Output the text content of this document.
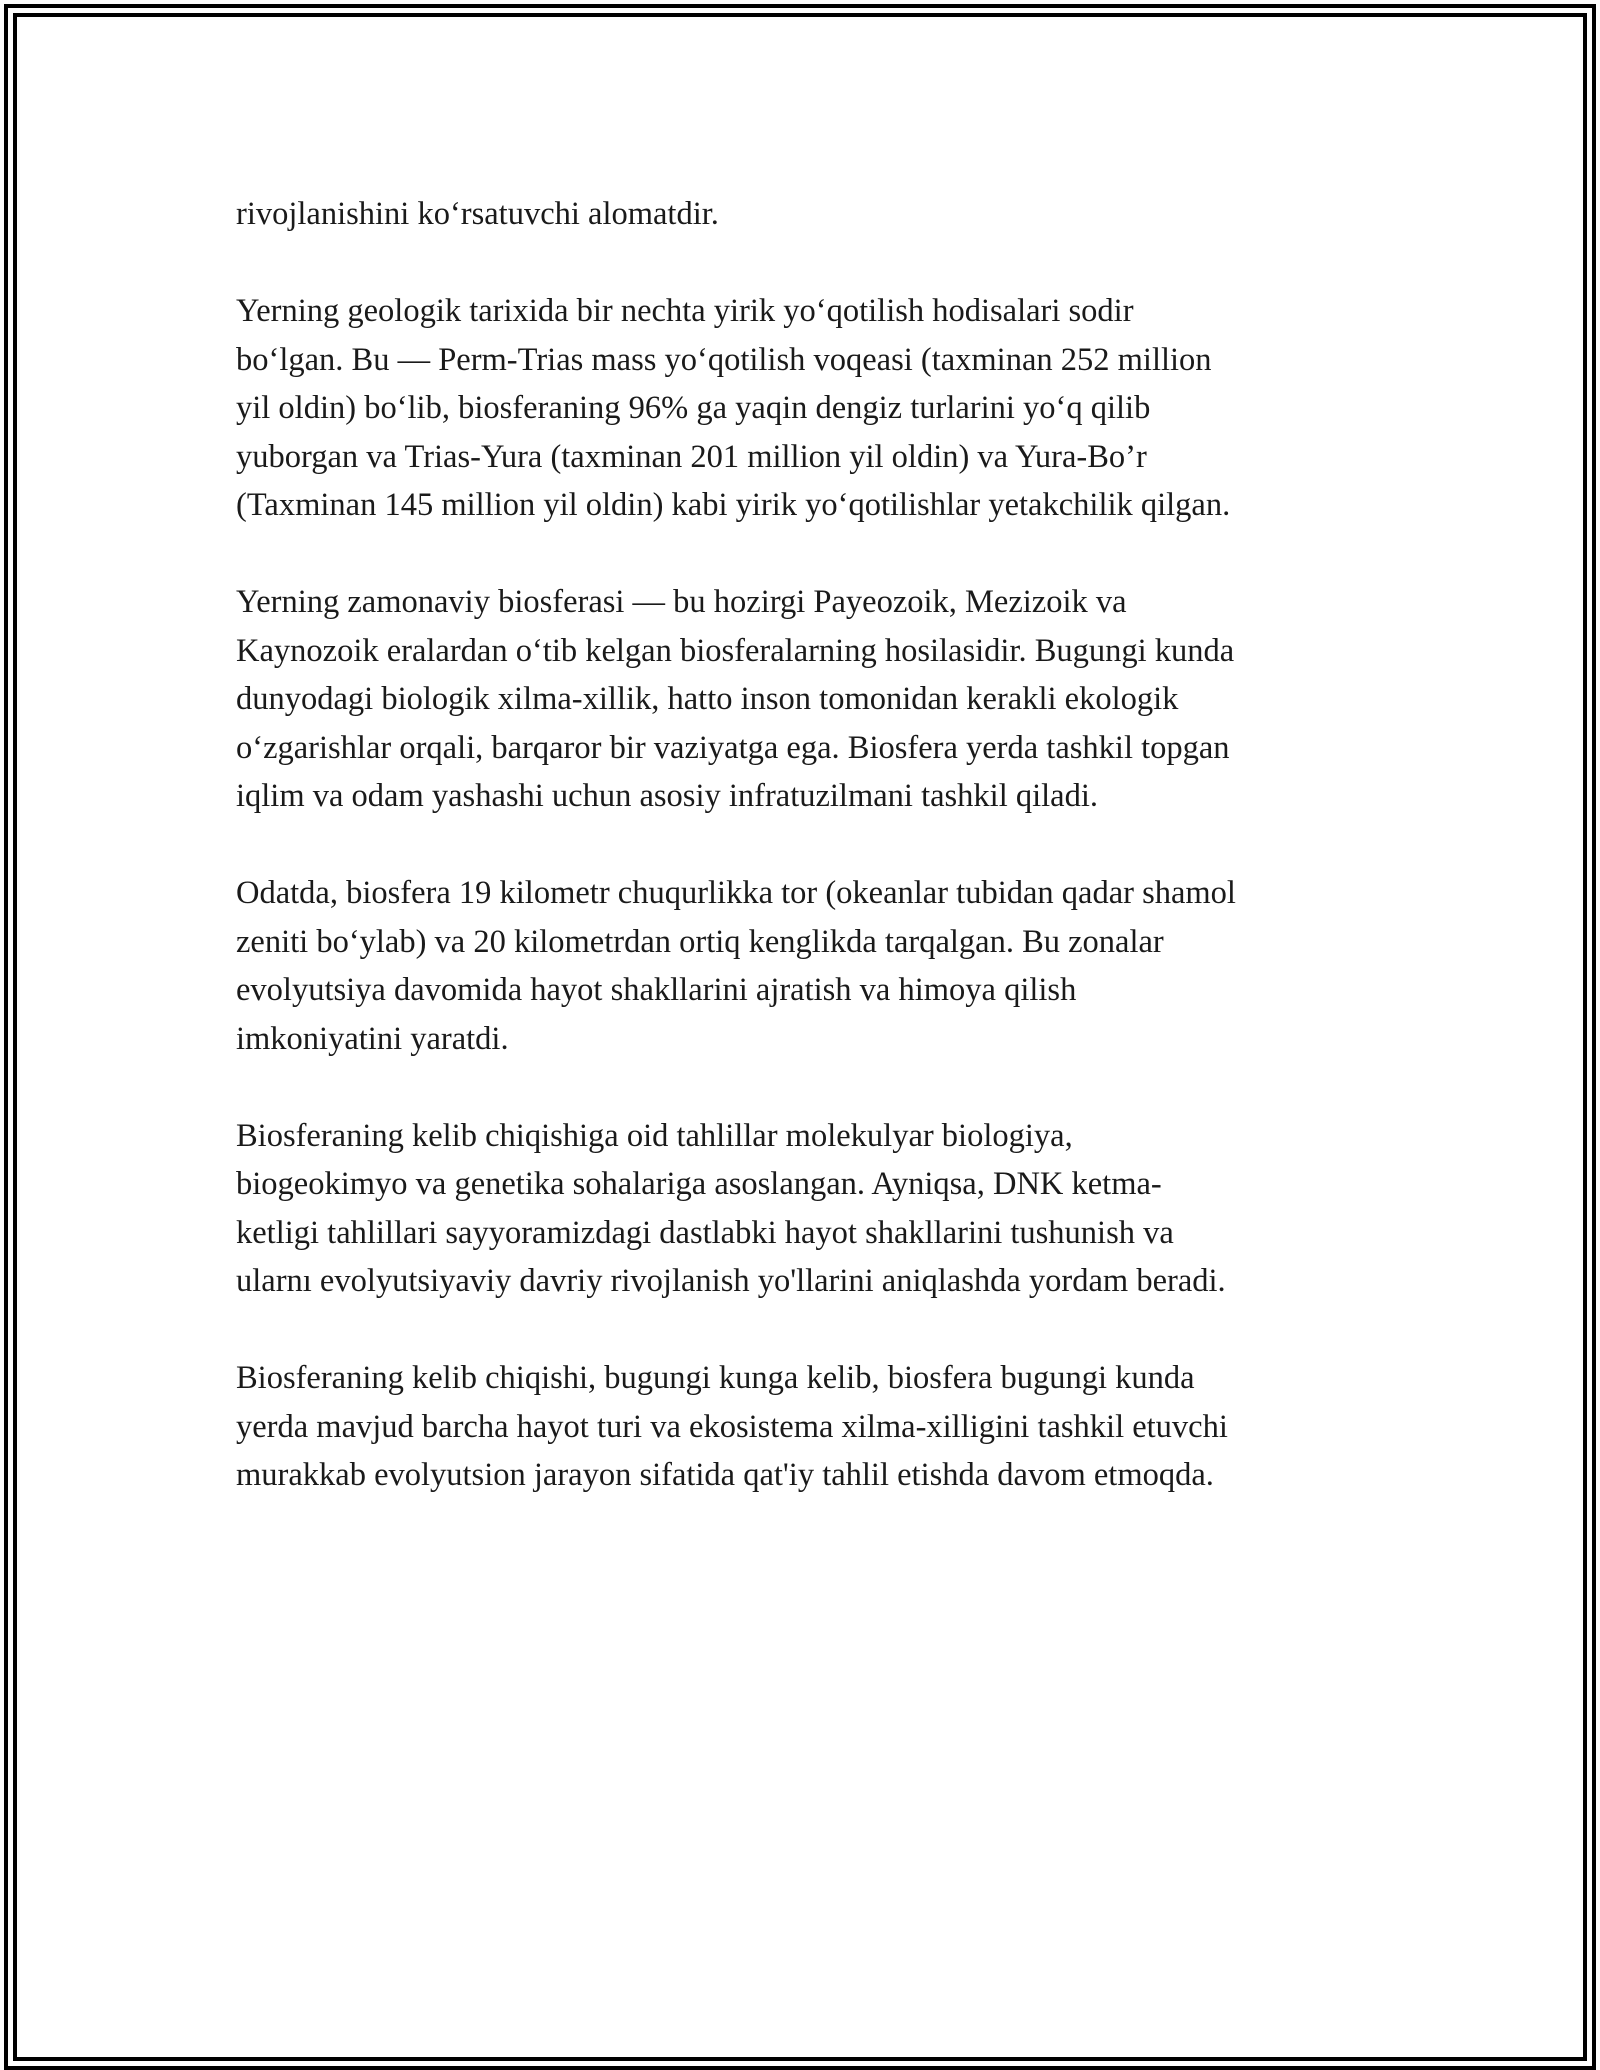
rivojlanishini ko‘rsatuvchi alomatdir.

Yerning geologik tarixida bir nechta yirik yo‘qotilish hodisalari sodir
bo‘lgan. Bu — Perm-Trias mass yo‘qotilish voqeasi (taxminan 252 million
yil oldin) bo‘lib, biosferaning 96% ga yaqin dengiz turlarini yo‘q qilib
yuborgan va Trias-Yura (taxminan 201 million yil oldin) va Yura-Bo’r
(Taxminan 145 million yil oldin) kabi yirik yo‘qotilishlar yetakchilik qilgan.

Yerning zamonaviy biosferasi — bu hozirgi Payeozoik, Mezizoik va
Kaynozoik eralardan o‘tib kelgan biosferalarning hosilasidir. Bugungi kunda
dunyodagi biologik xilma-xillik, hatto inson tomonidan kerakli ekologik
o‘zgarishlar orqali, barqaror bir vaziyatga ega. Biosfera yerda tashkil topgan
iqlim va odam yashashi uchun asosiy infratuzilmani tashkil qiladi.

Odatda, biosfera 19 kilometr chuqurlikka tor (okeanlar tubidan qadar shamol
zeniti bo‘ylab) va 20 kilometrdan ortiq kenglikda tarqalgan. Bu zonalar
evolyutsiya davomida hayot shakllarini ajratish va himoya qilish
imkoniyatini yaratdi.

Biosferaning kelib chiqishiga oid tahlillar molekulyar biologiya,
biogeokimyo va genetika sohalariga asoslangan. Ayniqsa, DNK ketma-
ketligi tahlillari sayyoramizdagi dastlabki hayot shakllarini tushunish va
ularnı evolyutsiyaviy davriy rivojlanish yo'llarini aniqlashda yordam beradi.

Biosferaning kelib chiqishi, bugungi kunga kelib, biosfera bugungi kunda
yerda mavjud barcha hayot turi va ekosistema xilma-xilligini tashkil etuvchi
murakkab evolyutsion jarayon sifatida qat'iy tahlil etishda davom etmoqda.
